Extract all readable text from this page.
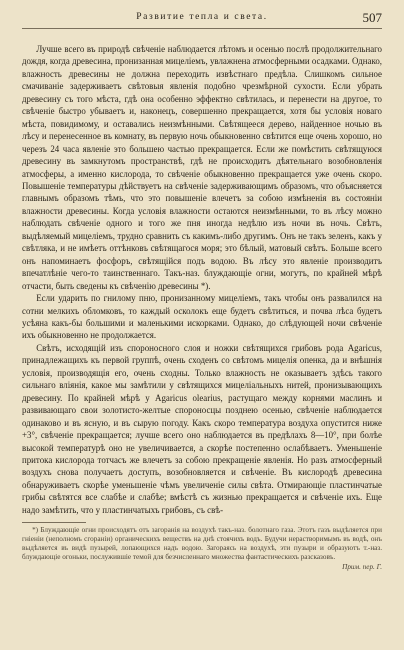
Развитие тепла и света.	507

Лучше всего въ природѣ свѣченіе наблюдается лѣтомъ и осенью послѣ продолжительнаго дождя, когда древесина, пронизанная мицеліемъ, увлажнена атмосферными осадками. Однако, влажность древесины не должна переходить извѣстнаго предѣла. Слишкомъ сильное смачиваніе задерживаетъ свѣтовыя явленія подобно чрезмѣрной сухости. Если убрать древесину съ того мѣста, гдѣ она особенно эффектно свѣтилась, и перенести на другое, то свѣченіе быстро убываетъ и, наконецъ, совершенно прекращается, хотя бы условія новаго мѣста, повидимому, и оставались неизмѣнными. Свѣтящееся дерево, найденное ночью въ лѣсу и перенесенное въ комнату, въ первую ночь обыкновенно свѣтится еще очень хорошо, но черезъ 24 часа явленіе это большею частью прекращается. Если же помѣстить свѣтящуюся древесину въ замкнутомъ пространствѣ, гдѣ не происходитъ дѣятельнаго возобновленія атмосферы, а именно кислорода, то свѣченіе обыкновенно прекращается уже очень скоро. Повышеніе температуры дѣйствуетъ на свѣченіе задерживающимъ образомъ, что объясняется главнымъ образомъ тѣмъ, что это повышеніе влечетъ за собою измѣненія въ состояніи влажности древесины. Когда условія влажности остаются неизмѣнными, то въ лѣсу можно наблюдать свѣченіе одного и того же пня иногда недѣлю изъ ночи въ ночь. Свѣтъ, выдѣляемый мицеліемъ, трудно сравнить съ какимъ-либо другимъ. Онъ не такъ зеленъ, какъ у свѣтляка, и не имѣетъ оттѣнковъ свѣтящагося моря; это бѣлый, матовый свѣтъ. Больше всего онъ напоминаетъ фосфоръ, свѣтящійся подъ водою. Въ лѣсу это явленіе производитъ впечатлѣніе чего-то таинственнаго. Такъ-наз. блуждающіе огни, могутъ, по крайней мѣрѣ отчасти, быть сведены къ свѣченію древесины *).

Если ударить по гнилому пню, пронизанному мицеліемъ, такъ чтобы онъ развалился на сотни мелкихъ обломковъ, то каждый осколокъ еще будетъ свѣтиться, и почва лѣса будетъ усѣяна какъ-бы большими и маленькими искорками. Однако, до слѣдующей ночи свѣченіе ихъ обыкновенно не продолжается.

Свѣтъ, исходящій изъ спороносного слоя и ножки свѣтящихся грибовъ рода Agaricus, принадлежащихъ къ первой группѣ, очень сходенъ со свѣтомъ мицелія опенка, да и внѣшнія условія, производящія его, очень сходны. Только влажность не оказываетъ здѣсь такого сильнаго вліянія, какое мы замѣтили у свѣтящихся мицеліальныхъ нитей, пронизывающихъ древесину. По крайней мѣрѣ у Agaricus olearius, растущаго между корнями маслинъ и развивающаго свои золотисто-желтые спороносцы позднею осенью, свѣченіе наблюдается одинаково и въ ясную, и въ сырую погоду. Какъ скоро температура воздуха опустится ниже +3°, свѣченіе прекращается; лучше всего оно наблюдается въ предѣлахъ 8—10°, при болѣе высокой температурѣ оно не увеличивается, а скорѣе постепенно ослабѣваетъ. Уменьшеніе притока кислорода тотчасъ же влечетъ за собою прекращеніе явленія. Но разъ атмосферный воздухъ снова получаетъ доступъ, возобновляется и свѣченіе. Въ кислородѣ древесина обнаруживаетъ скорѣе уменьшеніе чѣмъ увеличеніе силы свѣта. Отмирающіе пластинчатые грибы свѣтятся все слабѣе и слабѣе; вмѣстѣ съ жизнью прекращается и свѣченіе ихъ. Еще надо замѣтить, что у пластинчатыхъ грибовъ, съ свѣ-

*) Блуждающіе огни происходятъ отъ загоранія на воздухѣ такъ-наз. болотнаго газа. Этотъ газъ выдѣляется при гніеніи (неполномъ сгораніи) органическихъ веществъ на днѣ стоячихъ водъ. Будучи нерастворимымъ въ водѣ, онъ выдѣляется въ видѣ пузырей, лопающихся надъ водою. Загораясь на воздухѣ, эти пузыри и образуютъ т.-наз. блуждающіе огоньки, послужившіе темой для безчисленнаго множества фантастическихъ разсказовъ.

Прим. пер. Г.
